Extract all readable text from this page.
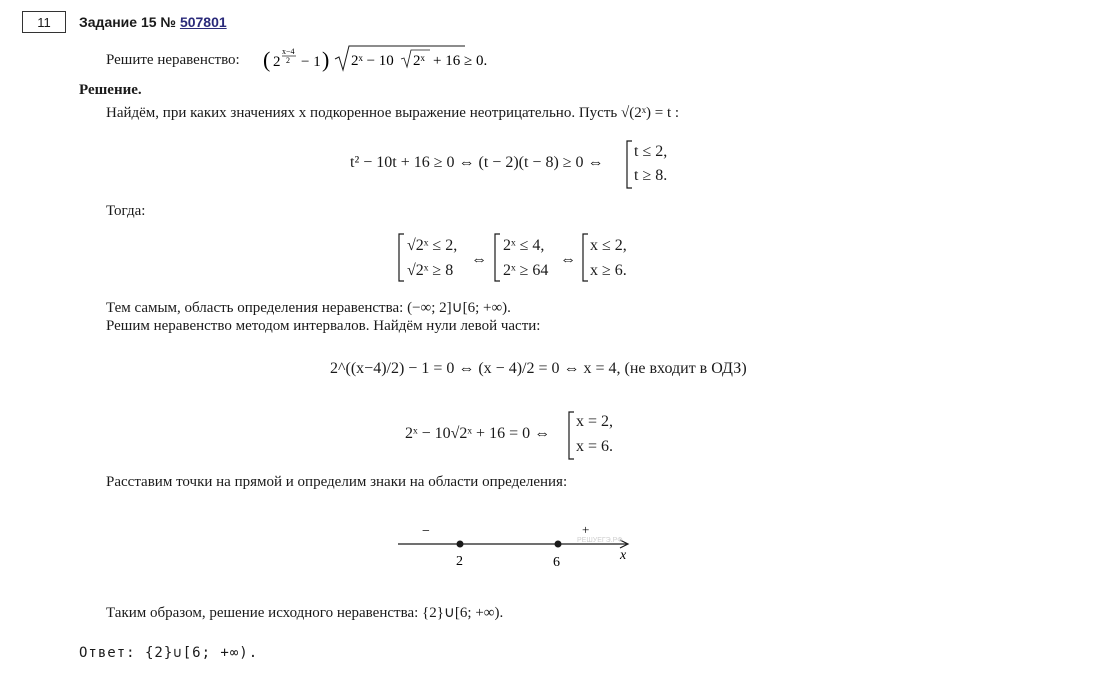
11	Задание 15 № 507801
Решите неравенство: ( 2
x−4
2 − 1 ) 2ˣ − 10 2ˣ + 16 ≥ 0.
Решение.
Найдём, при каких значениях x подкоренное выражение неотрицательно. Пусть √(2ˣ) = t :
t² − 10t + 16 ≥ 0 ⇔ (t − 2)(t − 8) ≥ 0 ⇔
t ≤ 2,
t ≥ 8.
Тогда:
√2ˣ ≤ 2,
√2ˣ ≥ 8
⇔
2ˣ ≤ 4,
2ˣ ≥ 64
⇔
x ≤ 2,
x ≥ 6.
Тем самым, область определения неравенства: (−∞; 2]∪[6; +∞).
Решим неравенство методом интервалов. Найдём нули левой части:
2^((x−4)/2) − 1 = 0 ⇔ (x − 4)/2 = 0 ⇔ x = 4, (не входит в ОДЗ)
2ˣ − 10√2ˣ + 16 = 0 ⇔
x = 2,
x = 6.
Расставим точки на прямой и определим знаки на области определения:
−	+
2	6	x
РЕШУЕГЭ.РФ
Таким образом, решение исходного неравенства: {2}∪[6; +∞).
Ответ: {2}∪[6; +∞).
